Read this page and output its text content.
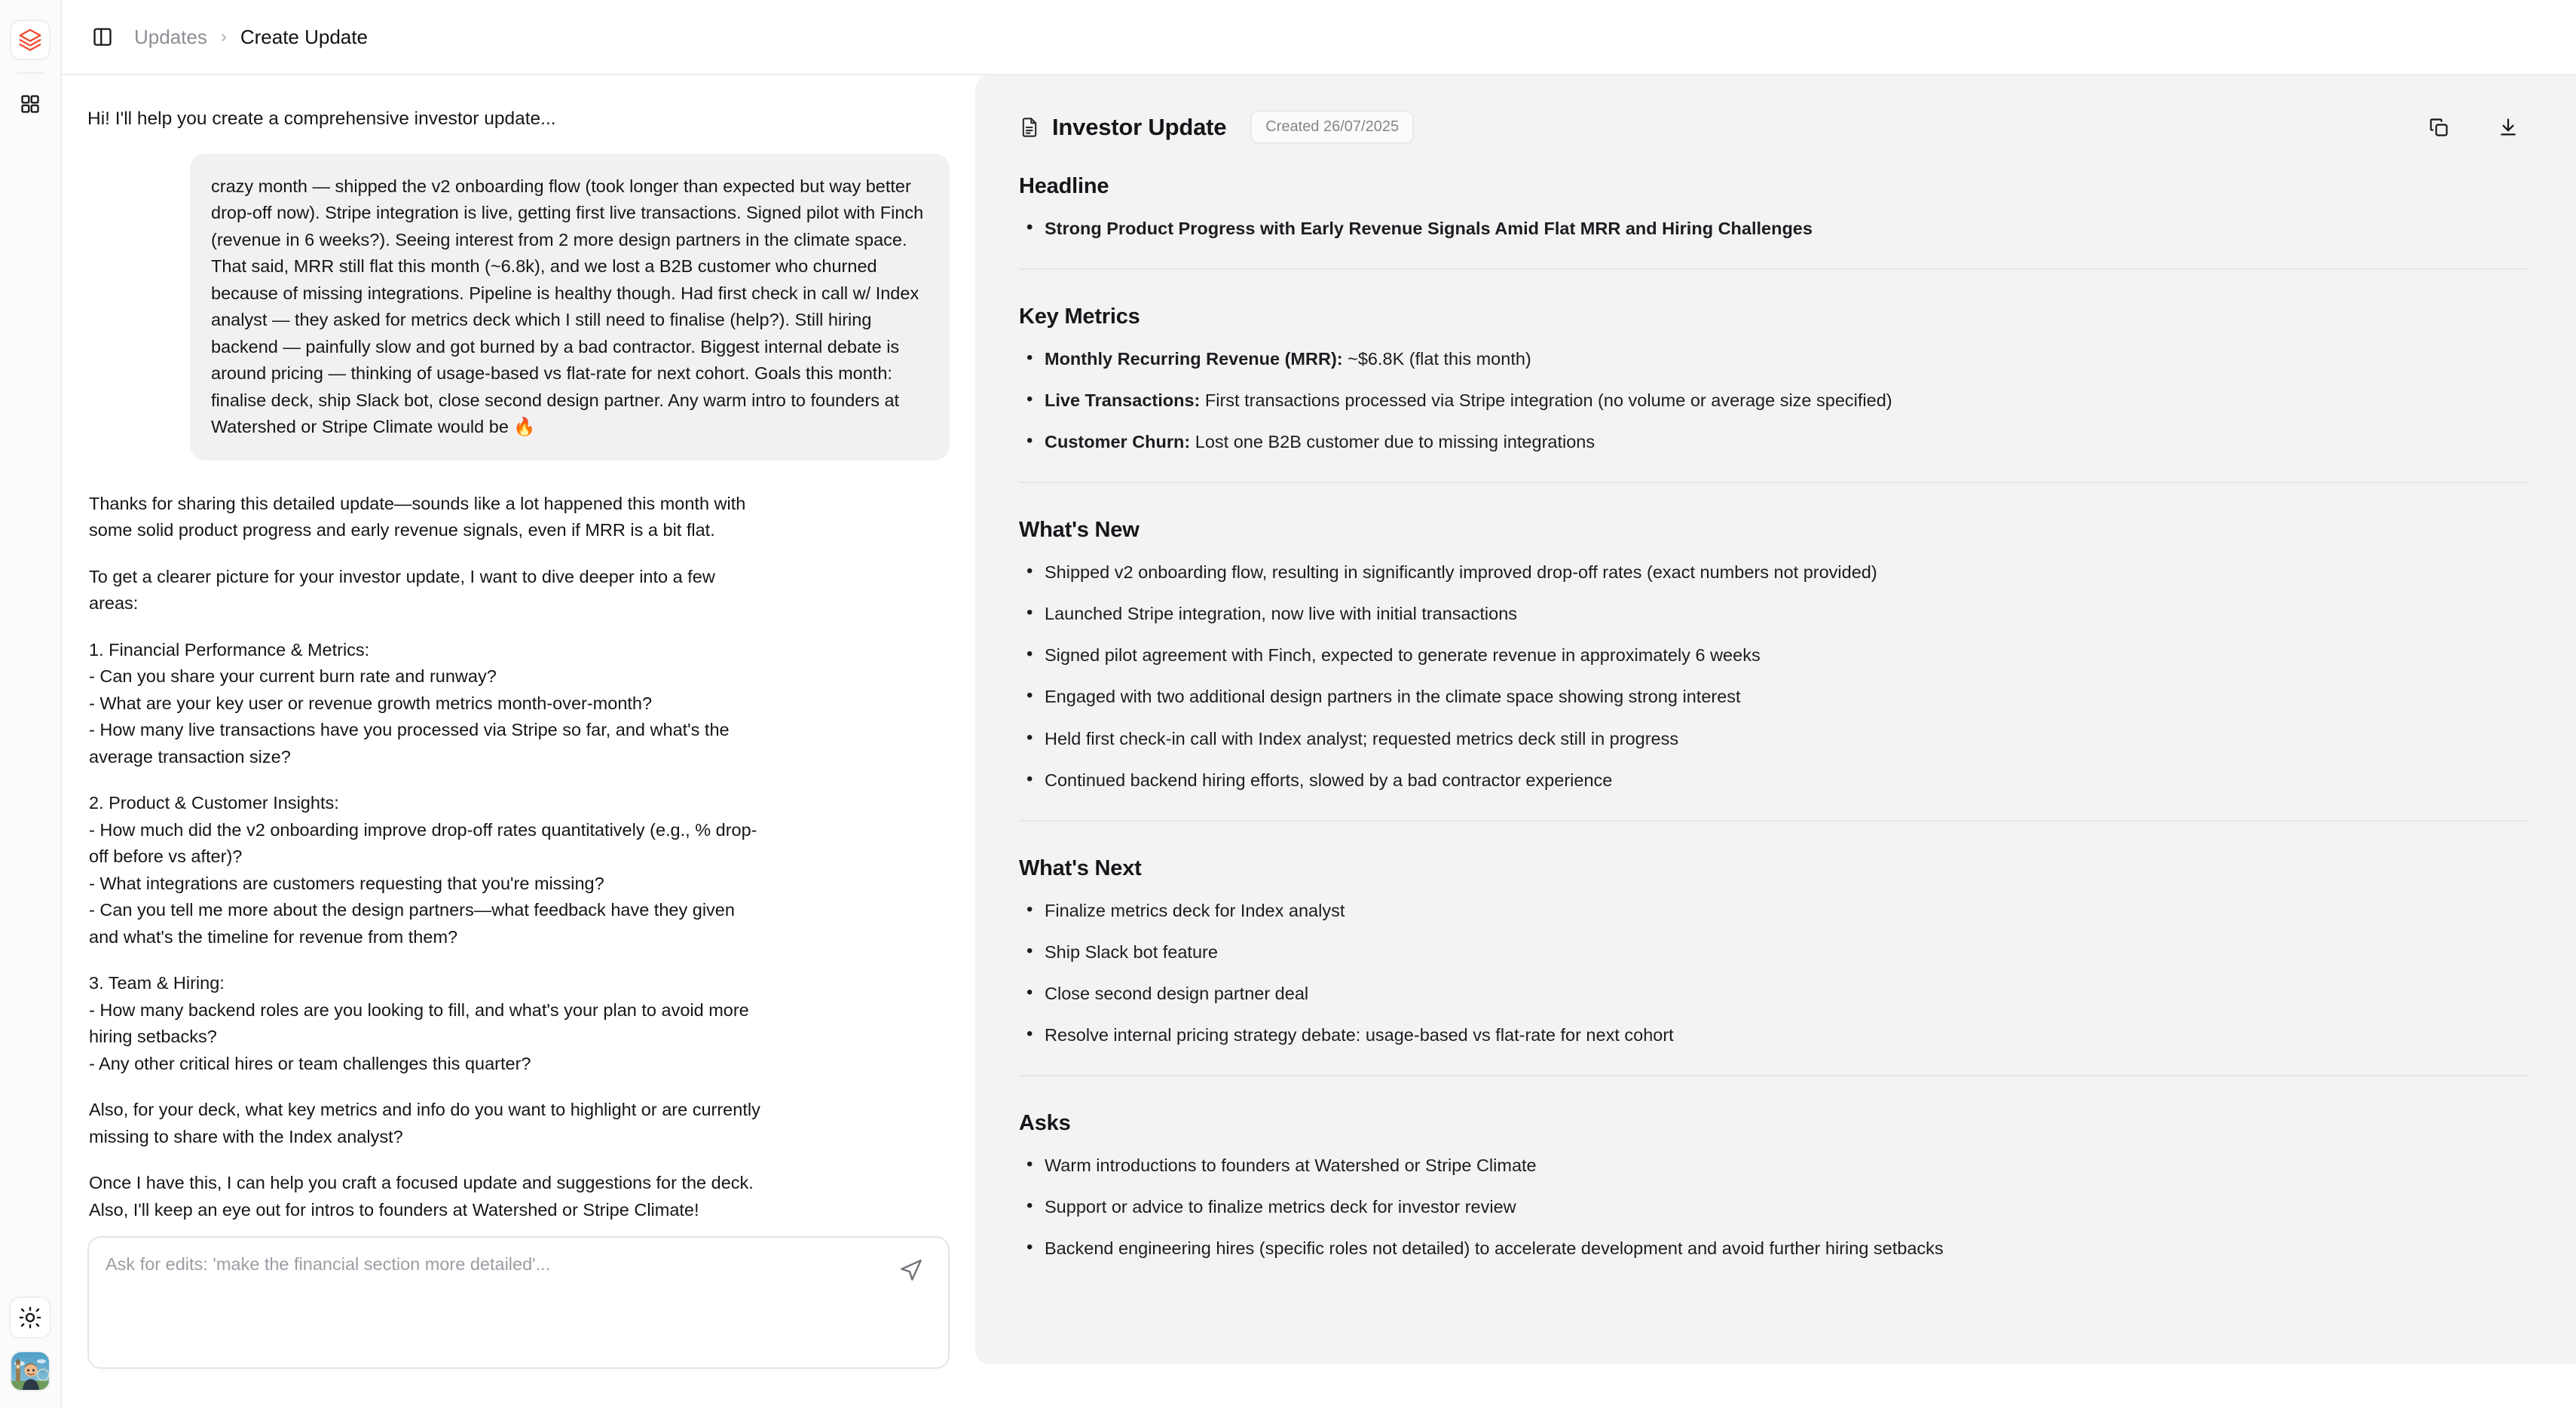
Updates › Create Update
Hi! I'll help you create a comprehensive investor update...
crazy month — shipped the v2 onboarding flow (took longer than expected but way better drop-off now). Stripe integration is live, getting first live transactions. Signed pilot with Finch (revenue in 6 weeks?). Seeing interest from 2 more design partners in the climate space. That said, MRR still flat this month (~6.8k), and we lost a B2B customer who churned because of missing integrations. Pipeline is healthy though. Had first check in call w/ Index analyst — they asked for metrics deck which I still need to finalise (help?). Still hiring backend — painfully slow and got burned by a bad contractor. Biggest internal debate is around pricing — thinking of usage-based vs flat-rate for next cohort. Goals this month: finalise deck, ship Slack bot, close second design partner. Any warm intro to founders at Watershed or Stripe Climate would be 🔥

Thanks for sharing this detailed update—sounds like a lot happened this month with some solid product progress and early revenue signals, even if MRR is a bit flat.

To get a clearer picture for your investor update, I want to dive deeper into a few areas:

1. Financial Performance & Metrics:
- Can you share your current burn rate and runway?
- What are your key user or revenue growth metrics month-over-month?
- How many live transactions have you processed via Stripe so far, and what's the average transaction size?
2. Product & Customer Insights:
- How much did the v2 onboarding improve drop-off rates quantitatively (e.g., % drop-off before vs after)?
- What integrations are customers requesting that you're missing?
- Can you tell me more about the design partners—what feedback have they given and what's the timeline for revenue from them?
3. Team & Hiring:
- How many backend roles are you looking to fill, and what's your plan to avoid more hiring setbacks?
- Any other critical hires or team challenges this quarter?

Also, for your deck, what key metrics and info do you want to highlight or are currently missing to share with the Index analyst?

Once I have this, I can help you craft a focused update and suggestions for the deck.
Also, I'll keep an eye out for intros to founders at Watershed or Stripe Climate!
Ask for edits: 'make the financial section more detailed'...
Investor Update	Created 26/07/2025
Headline
• Strong Product Progress with Early Revenue Signals Amid Flat MRR and Hiring Challenges
Key Metrics
• Monthly Recurring Revenue (MRR): ~$6.8K (flat this month)
• Live Transactions: First transactions processed via Stripe integration (no volume or average size specified)
• Customer Churn: Lost one B2B customer due to missing integrations
What's New
• Shipped v2 onboarding flow, resulting in significantly improved drop-off rates (exact numbers not provided)
• Launched Stripe integration, now live with initial transactions
• Signed pilot agreement with Finch, expected to generate revenue in approximately 6 weeks
• Engaged with two additional design partners in the climate space showing strong interest
• Held first check-in call with Index analyst; requested metrics deck still in progress
• Continued backend hiring efforts, slowed by a bad contractor experience
What's Next
• Finalize metrics deck for Index analyst
• Ship Slack bot feature
• Close second design partner deal
• Resolve internal pricing strategy debate: usage-based vs flat-rate for next cohort
Asks
• Warm introductions to founders at Watershed or Stripe Climate
• Support or advice to finalize metrics deck for investor review
• Backend engineering hires (specific roles not detailed) to accelerate development and avoid further hiring setbacks
